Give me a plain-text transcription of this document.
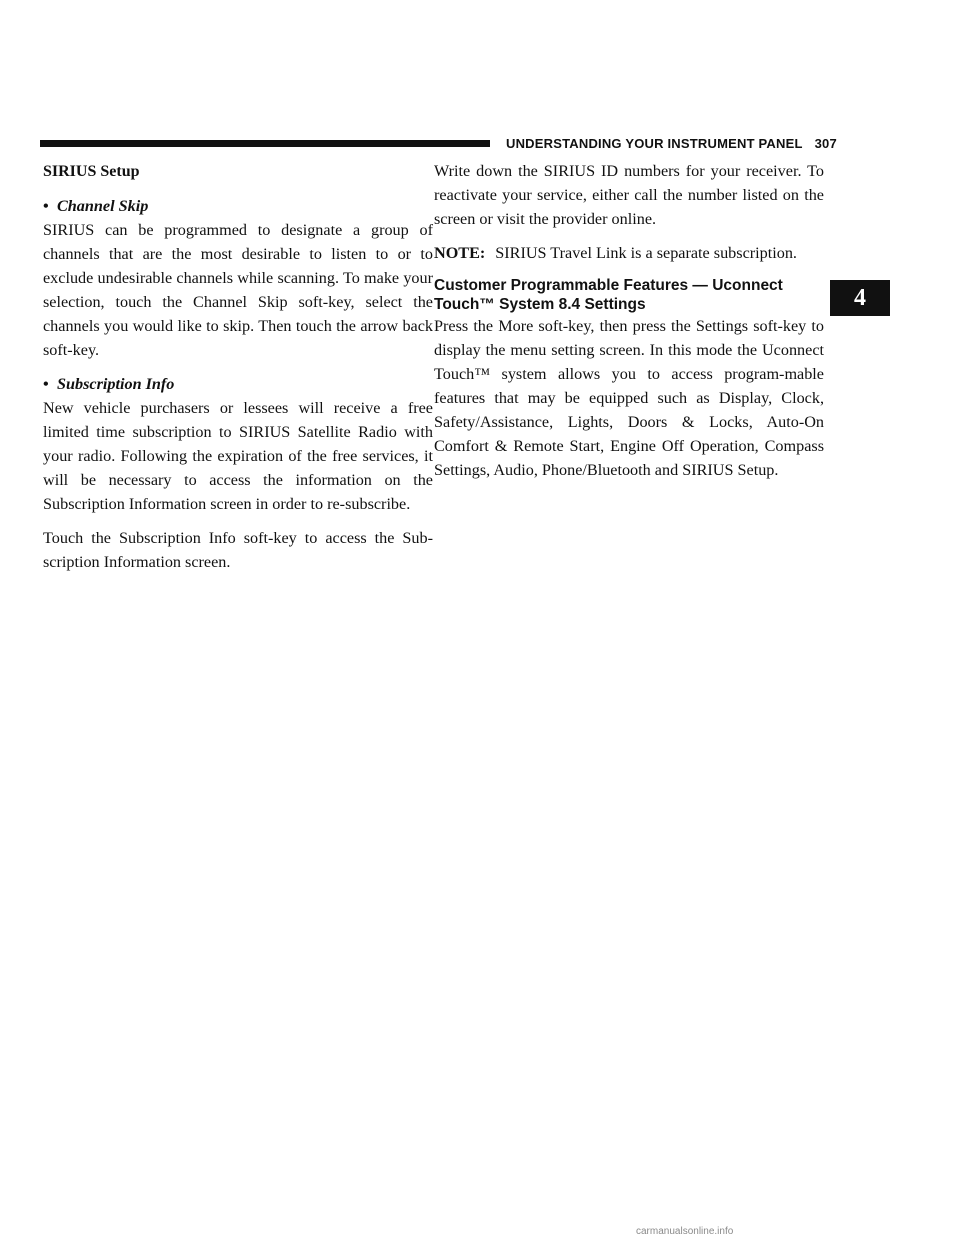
UNDERSTANDING YOUR INSTRUMENT PANEL 307

SIRIUS Setup

• Channel Skip

SIRIUS can be programmed to designate a group of channels that are the most desirable to listen to or to exclude undesirable channels while scanning. To make your selection, touch the Channel Skip soft-key, select the channels you would like to skip. Then touch the arrow back soft-key.

• Subscription Info

New vehicle purchasers or lessees will receive a free limited time subscription to SIRIUS Satellite Radio with your radio. Following the expiration of the free services, it will be necessary to access the information on the Subscription Information screen in order to re-subscribe.

Touch the Subscription Info soft-key to access the Sub-scription Information screen.

Write down the SIRIUS ID numbers for your receiver. To reactivate your service, either call the number listed on the screen or visit the provider online.

NOTE: SIRIUS Travel Link is a separate subscription.

Customer Programmable Features — Uconnect Touch™ System 8.4 Settings

Press the More soft-key, then press the Settings soft-key to display the menu setting screen. In this mode the Uconnect Touch™ system allows you to access program-mable features that may be equipped such as Display, Clock, Safety/Assistance, Lights, Doors & Locks, Auto-On Comfort & Remote Start, Engine Off Operation, Compass Settings, Audio, Phone/Bluetooth and SIRIUS Setup.

4
carmanualsonline.info
